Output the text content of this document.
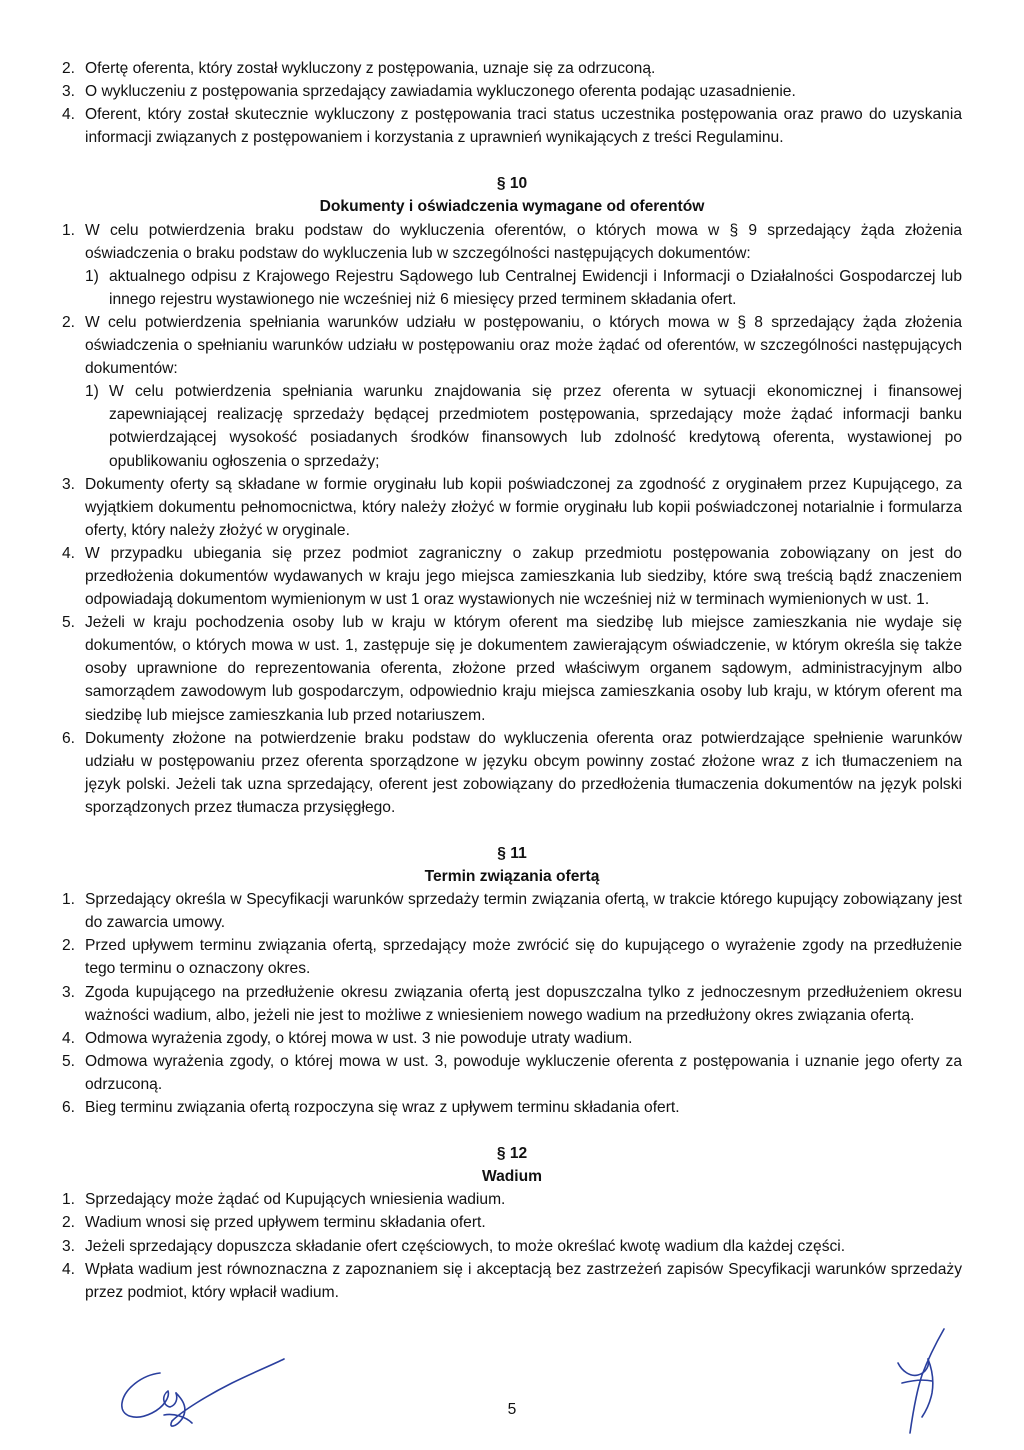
2. Ofertę oferenta, który został wykluczony z postępowania, uznaje się za odrzuconą.
3. O wykluczeniu z postępowania sprzedający zawiadamia wykluczonego oferenta podając uzasadnienie.
4. Oferent, który został skutecznie wykluczony z postępowania traci status uczestnika postępowania oraz prawo do uzyskania informacji związanych z postępowaniem i korzystania z uprawnień wynikających z treści Regulaminu.
§ 10
Dokumenty i oświadczenia wymagane od oferentów
1. W celu potwierdzenia braku podstaw do wykluczenia oferentów, o których mowa w § 9 sprzedający żąda złożenia oświadczenia o braku podstaw do wykluczenia lub w szczególności następujących dokumentów:
1) aktualnego odpisu z Krajowego Rejestru Sądowego lub Centralnej Ewidencji i Informacji o Działalności Gospodarczej lub innego rejestru wystawionego nie wcześniej niż 6 miesięcy przed terminem składania ofert.
2. W celu potwierdzenia spełniania warunków udziału w postępowaniu, o których mowa w § 8 sprzedający żąda złożenia oświadczenia o spełnianiu warunków udziału w postępowaniu oraz może żądać od oferentów, w szczególności następujących dokumentów:
1) W celu potwierdzenia spełniania warunku znajdowania się przez oferenta w sytuacji ekonomicznej i finansowej zapewniającej realizację sprzedaży będącej przedmiotem postępowania, sprzedający może żądać informacji banku potwierdzającej wysokość posiadanych środków finansowych lub zdolność kredytową oferenta, wystawionej po opublikowaniu ogłoszenia o sprzedaży;
3. Dokumenty oferty są składane w formie oryginału lub kopii poświadczonej za zgodność z oryginałem przez Kupującego, za wyjątkiem dokumentu pełnomocnictwa, który należy złożyć w formie oryginału lub kopii poświadczonej notarialnie i formularza oferty, który należy złożyć w oryginale.
4. W przypadku ubiegania się przez podmiot zagraniczny o zakup przedmiotu postępowania zobowiązany on jest do przedłożenia dokumentów wydawanych w kraju jego miejsca zamieszkania lub siedziby, które swą treścią bądź znaczeniem odpowiadają dokumentom wymienionym w ust 1 oraz wystawionych nie wcześniej niż w terminach wymienionych w ust. 1.
5. Jeżeli w kraju pochodzenia osoby lub w kraju w którym oferent ma siedzibę lub miejsce zamieszkania nie wydaje się dokumentów, o których mowa w ust. 1, zastępuje się je dokumentem zawierającym oświadczenie, w którym określa się także osoby uprawnione do reprezentowania oferenta, złożone przed właściwym organem sądowym, administracyjnym albo samorządem zawodowym lub gospodarczym, odpowiednio kraju miejsca zamieszkania osoby lub kraju, w którym oferent ma siedzibę lub miejsce zamieszkania lub przed notariuszem.
6. Dokumenty złożone na potwierdzenie braku podstaw do wykluczenia oferenta oraz potwierdzające spełnienie warunków udziału w postępowaniu przez oferenta sporządzone w języku obcym powinny zostać złożone wraz z ich tłumaczeniem na język polski. Jeżeli tak uzna sprzedający, oferent jest zobowiązany do przedłożenia tłumaczenia dokumentów na język polski sporządzonych przez tłumacza przysięgłego.
§ 11
Termin związania ofertą
1. Sprzedający określa w Specyfikacji warunków sprzedaży termin związania ofertą, w trakcie którego kupujący zobowiązany jest do zawarcia umowy.
2. Przed upływem terminu związania ofertą, sprzedający może zwrócić się do kupującego o wyrażenie zgody na przedłużenie tego terminu o oznaczony okres.
3. Zgoda kupującego na przedłużenie okresu związania ofertą jest dopuszczalna tylko z jednoczesnym przedłużeniem okresu ważności wadium, albo, jeżeli nie jest to możliwe z wniesieniem nowego wadium na przedłużony okres związania ofertą.
4. Odmowa wyrażenia zgody, o której mowa w ust. 3 nie powoduje utraty wadium.
5. Odmowa wyrażenia zgody, o której mowa w ust. 3, powoduje wykluczenie oferenta z postępowania i uznanie jego oferty za odrzuconą.
6. Bieg terminu związania ofertą rozpoczyna się wraz z upływem terminu składania ofert.
§ 12
Wadium
1. Sprzedający może żądać od Kupujących wniesienia wadium.
2. Wadium wnosi się przed upływem terminu składania ofert.
3. Jeżeli sprzedający dopuszcza składanie ofert częściowych, to może określać kwotę wadium dla każdej części.
4. Wpłata wadium jest równoznaczna z zapoznaniem się i akceptacją bez zastrzeżeń zapisów Specyfikacji warunków sprzedaży przez podmiot, który wpłacił wadium.
5
